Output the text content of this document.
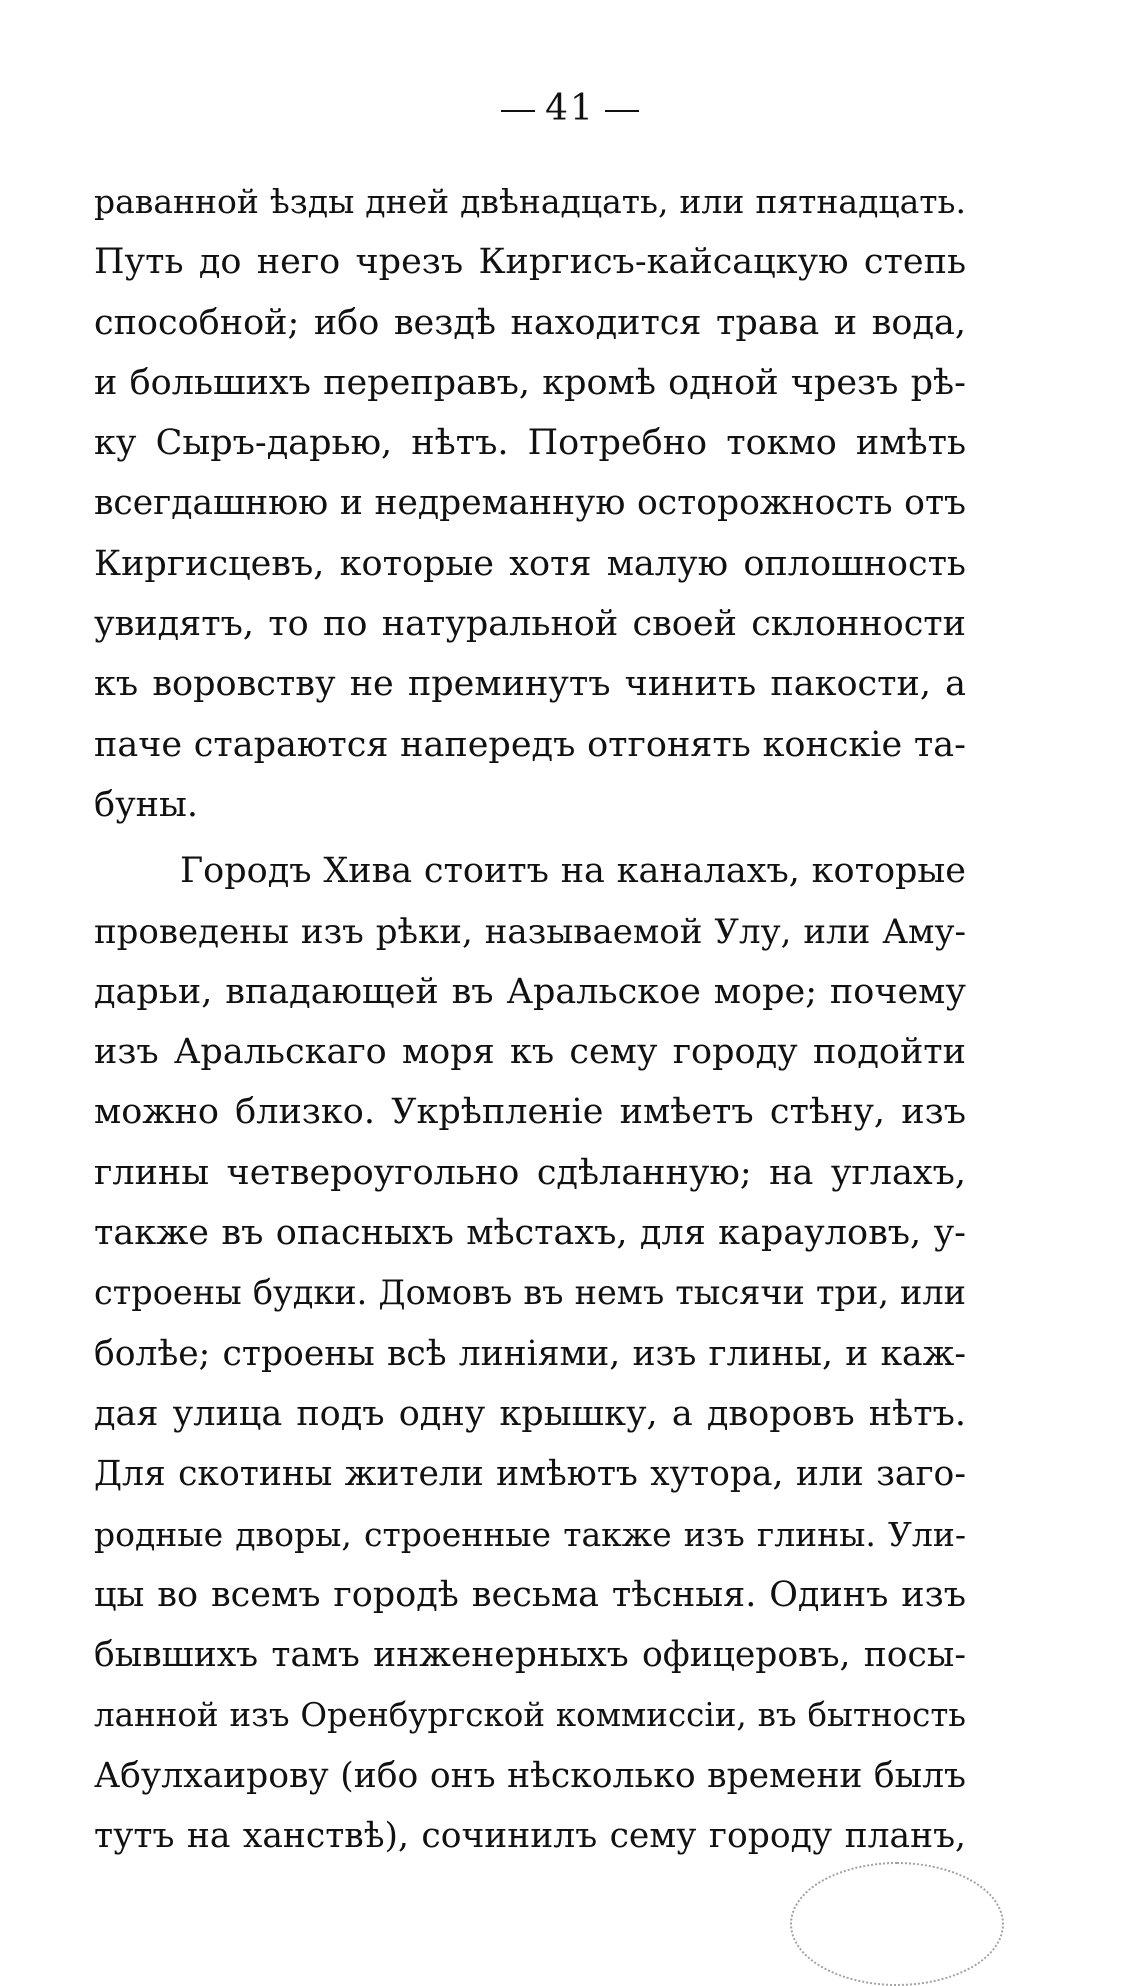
41
раванной ѣзды дней двѣнадцать, или пятнадцать.
Путь до него чрезъ Киргисъ-кайсацкую степь
способной; ибо вездѣ находится трава и вода,
и большихъ переправъ, кромѣ одной чрезъ рѣ-
ку Сыръ-дарью, нѣтъ. Потребно токмо имѣть
всегдашнюю и недреманную осторожность отъ
Киргисцевъ, которые хотя малую оплошность
увидятъ, то по натуральной своей склонности
къ воровству не преминутъ чинить пакости, а
паче стараются напередъ отгонять конскіе та-
буны.
Городъ Хива стоитъ на каналахъ, которые
проведены изъ рѣки, называемой Улу, или Аму-
дарьи, впадающей въ Аральское море; почему
изъ Аральскаго моря къ сему городу подойти
можно близко. Укрѣпленіе имѣетъ стѣну, изъ
глины четвероугольно сдѣланную; на углахъ,
также въ опасныхъ мѣстахъ, для карауловъ, у-
строены будки. Домовъ въ немъ тысячи три, или
болѣе; строены всѣ линіями, изъ глины, и каж-
дая улица подъ одну крышку, а дворовъ нѣтъ.
Для скотины жители имѣютъ хутора, или заго-
родные дворы, строенные также изъ глины. Ули-
цы во всемъ городѣ весьма тѣсныя. Одинъ изъ
бывшихъ тамъ инженерныхъ офицеровъ, посы-
ланной изъ Оренбургской коммиссіи, въ бытность
Абулхаирову (ибо онъ нѣсколько времени былъ
тутъ на ханствѣ), сочинилъ сему городу планъ,
